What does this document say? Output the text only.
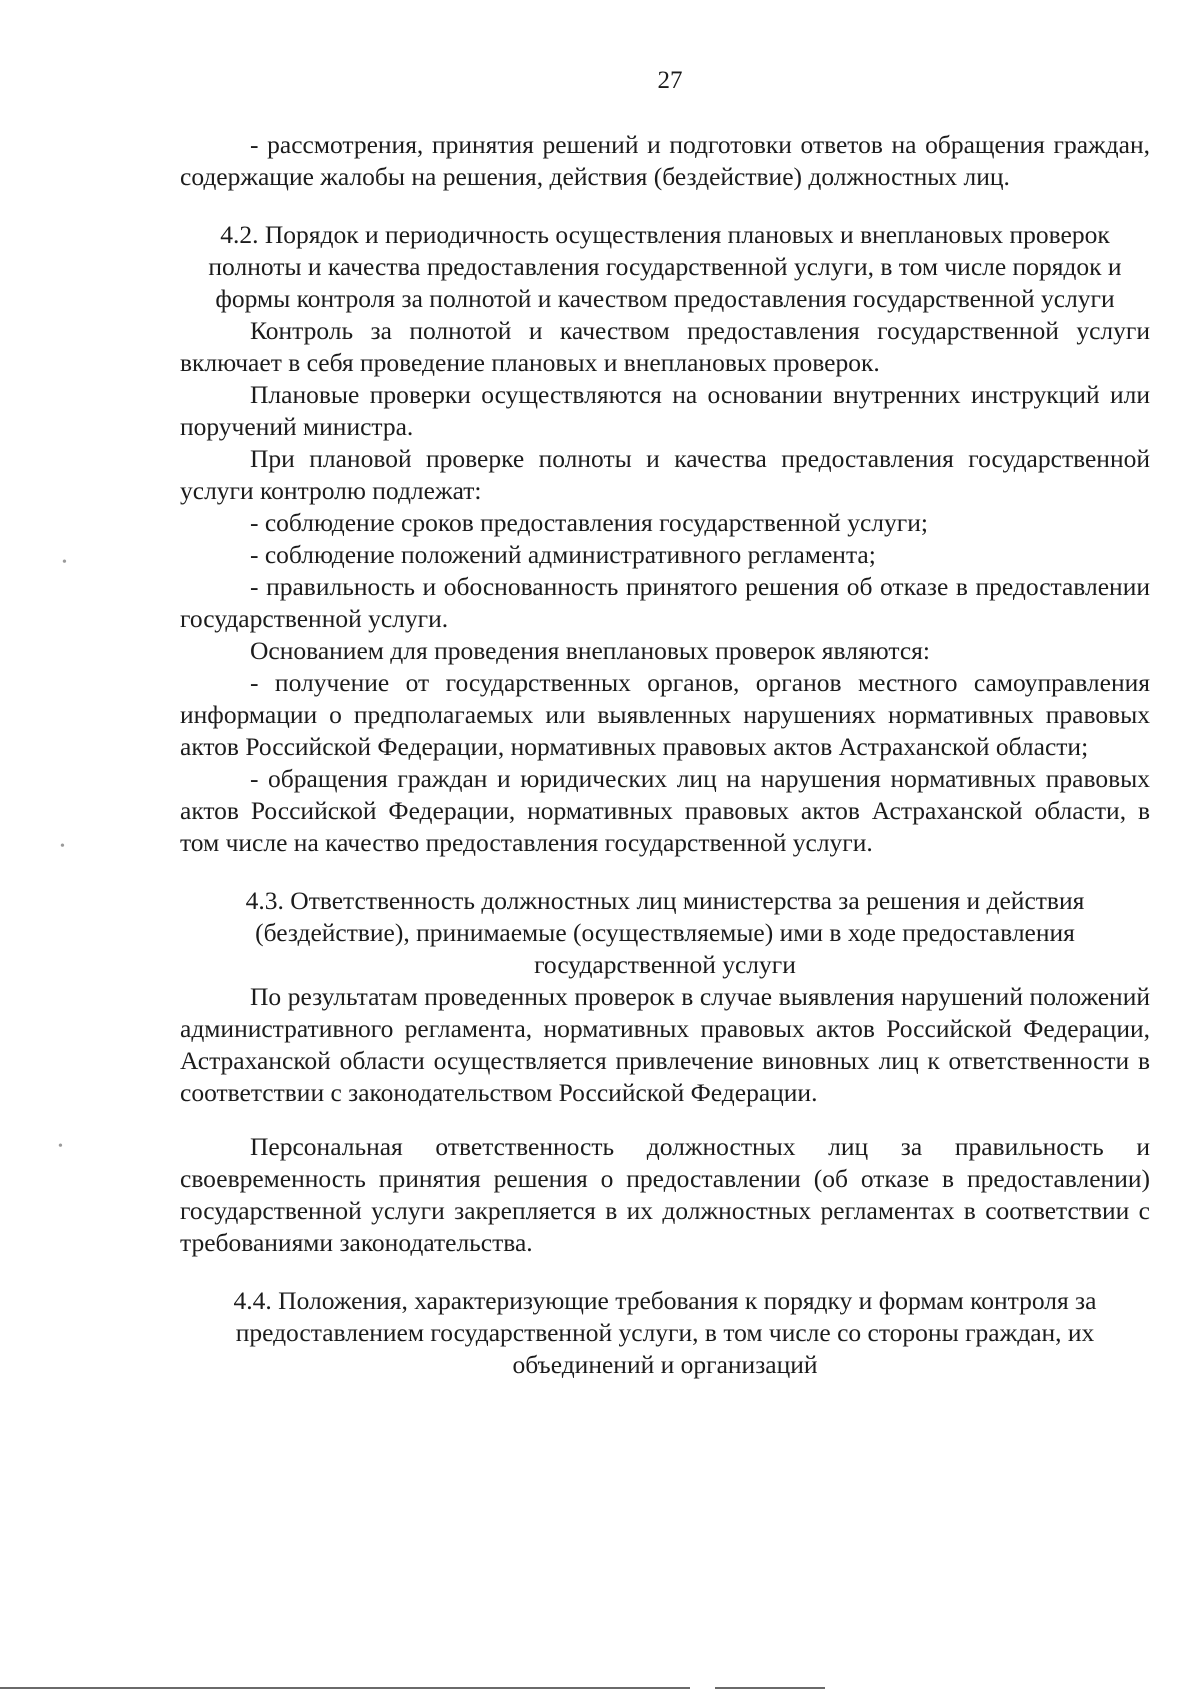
27

- рассмотрения, принятия решений и подготовки ответов на обращения граждан, содержащие жалобы на решения, действия (бездействие) должностных лиц.

4.2. Порядок и периодичность осуществления плановых и внеплановых проверок полноты и качества предоставления государственной услуги, в том числе порядок и формы контроля за полнотой и качеством предоставления государственной услуги

Контроль за полнотой и качеством предоставления государственной услуги включает в себя проведение плановых и внеплановых проверок.

Плановые проверки осуществляются на основании внутренних инструкций или поручений министра.

При плановой проверке полноты и качества предоставления государственной услуги контролю подлежат:

- соблюдение сроков предоставления государственной услуги;

- соблюдение положений административного регламента;

- правильность и обоснованность принятого решения об отказе в предоставлении государственной услуги.

Основанием для проведения внеплановых проверок являются:

- получение от государственных органов, органов местного самоуправления информации о предполагаемых или выявленных нарушениях нормативных правовых актов Российской Федерации, нормативных правовых актов Астраханской области;

- обращения граждан и юридических лиц на нарушения нормативных правовых актов Российской Федерации, нормативных правовых актов Астраханской области, в том числе на качество предоставления государственной услуги.

4.3. Ответственность должностных лиц министерства за решения и действия (бездействие), принимаемые (осуществляемые) ими в ходе предоставления государственной услуги

По результатам проведенных проверок в случае выявления нарушений положений административного регламента, нормативных правовых актов Российской Федерации, Астраханской области осуществляется привлечение виновных лиц к ответственности в соответствии с законодательством Российской Федерации.

Персональная ответственность должностных лиц за правильность и своевременность принятия решения о предоставлении (об отказе в предоставлении) государственной услуги закрепляется в их должностных регламентах в соответствии с требованиями законодательства.

4.4. Положения, характеризующие требования к порядку и формам контроля за предоставлением государственной услуги, в том числе со стороны граждан, их объединений и организаций

•
•
•
